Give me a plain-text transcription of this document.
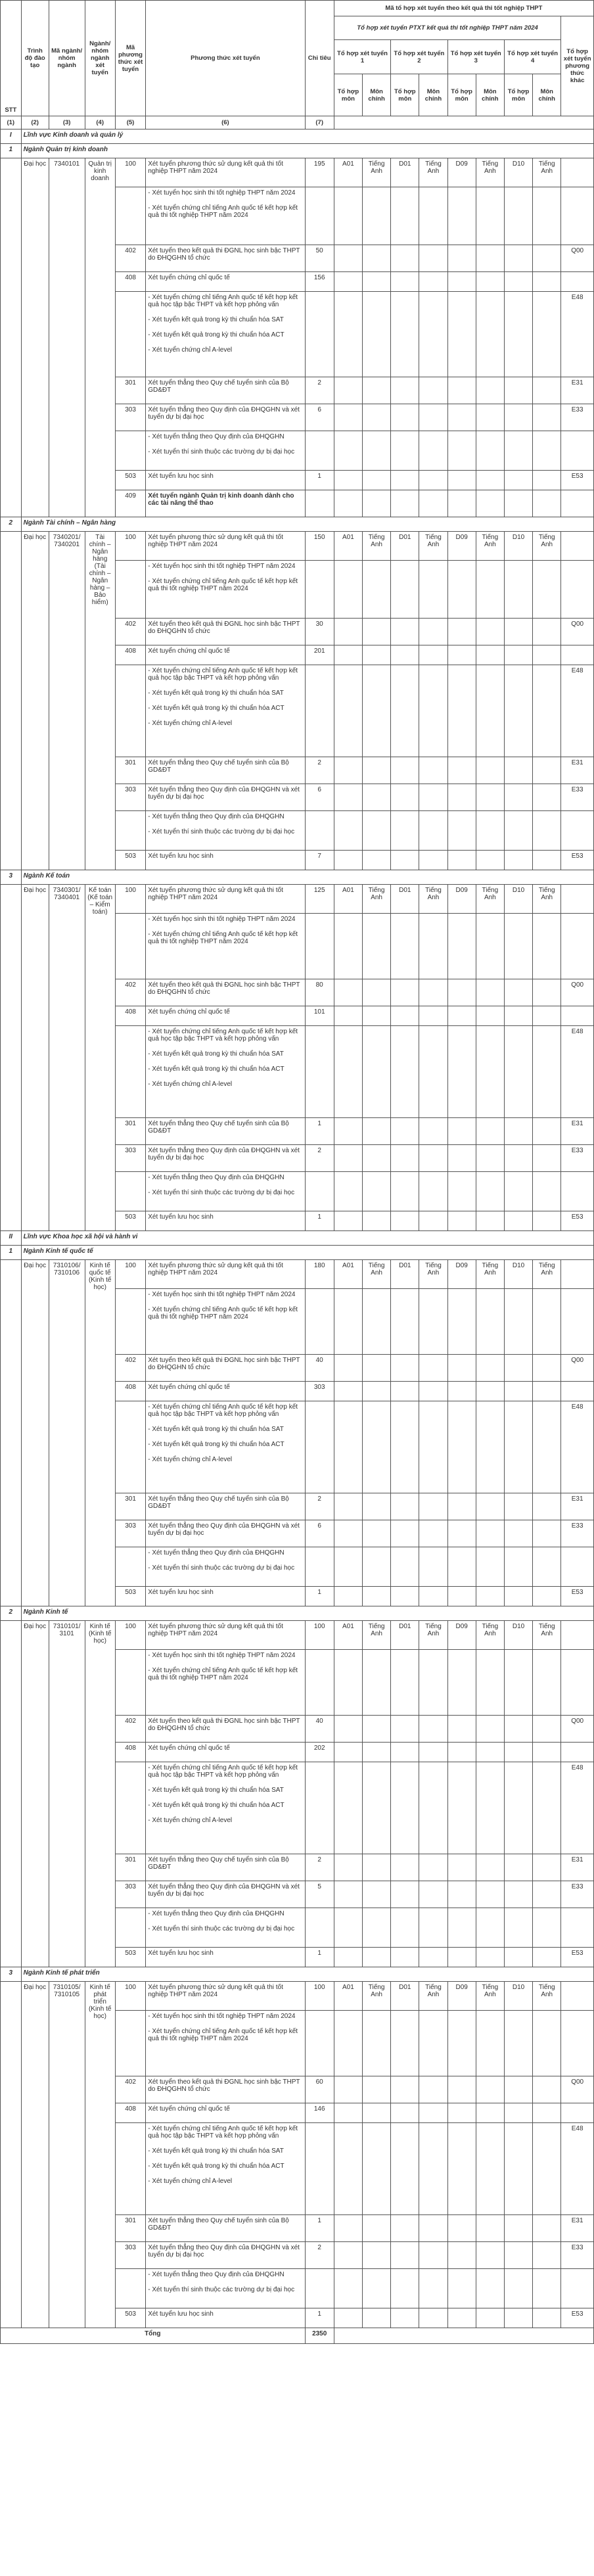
STT	Trình độ đào tạo	Mã ngành/ nhóm ngành	Ngành/ nhóm ngành xét tuyển	Mã phương thức xét tuyển	Phương thức xét tuyển	Chỉ tiêu	Mã tổ hợp xét tuyển theo kết quả thi tốt nghiệp THPT								
							Tổ hợp xét tuyển PTXT kết quả thi tốt nghiệp THPT năm 2024								Tổ hợp xét tuyển phương thức khác
							Tổ hợp xét tuyển 1		Tổ hợp xét tuyển 2		Tổ hợp xét tuyển 3		Tổ hợp xét tuyển 4		
							Tổ hợp môn	Môn chính	Tổ hợp môn	Môn chính	Tổ hợp môn	Môn chính	Tổ hợp môn	Môn chính	

(1)	(2)	(3)	(4)	(5)	(6)	(7)									
I	Lĩnh vực Kinh doanh và quản lý														
1	Ngành Quản trị kinh doanh														
	Đại học	7340101	Quản trị kinh doanh	100	Xét tuyển phương thức sử dụng kết quả thi tốt nghiệp THPT năm 2024	195	A01	Tiếng Anh	D01	Tiếng Anh	D09	Tiếng Anh	D10	Tiếng Anh	

					- Xét tuyển học sinh thi tốt nghiệp THPT năm 2024
- Xét tuyển chứng chỉ tiếng Anh quốc tế kết hợp kết quả thi tốt nghiệp THPT năm 2024										

				402	Xét tuyển theo kết quả thi ĐGNL học sinh bậc THPT do ĐHQGHN tổ chức	50									Q00
				408	Xét tuyển chứng chỉ quốc tế	156									

					- Xét tuyển chứng chỉ tiếng Anh quốc tế kết hợp kết quả học tập bậc THPT và kết hợp phỏng vấn
- Xét tuyển kết quả trong kỳ thi chuẩn hóa SAT
- Xét tuyển kết quả trong kỳ thi chuẩn hóa ACT
- Xét tuyển chứng chỉ A-level										E48
				301	Xét tuyển thẳng theo Quy chế tuyển sinh của Bộ GD&ĐT	2									E31
				303	Xét tuyển thẳng theo Quy định của ĐHQGHN và xét tuyển dự bị đại học	6									E33

					- Xét tuyển thẳng theo Quy định của ĐHQGHN
- Xét tuyển thí sinh thuộc các trường dự bị đại học										

				503	Xét tuyển lưu học sinh	1									E53
				409	Xét tuyển ngành Quản trị kinh doanh dành cho các tài năng thể thao										

2	Ngành Tài chính – Ngân hàng														
	Đại học	7340201/ 7340201	Tài chính – Ngân hàng (Tài chính – Ngân hàng – Bảo hiểm)	100	Xét tuyển phương thức sử dụng kết quả thi tốt nghiệp THPT năm 2024	150	A01	Tiếng Anh	D01	Tiếng Anh	D09	Tiếng Anh	D10	Tiếng Anh	

					- Xét tuyển học sinh thi tốt nghiệp THPT năm 2024
- Xét tuyển chứng chỉ tiếng Anh quốc tế kết hợp kết quả thi tốt nghiệp THPT năm 2024										

				402	Xét tuyển theo kết quả thi ĐGNL học sinh bậc THPT do ĐHQGHN tổ chức	30									Q00
				408	Xét tuyển chứng chỉ quốc tế	201									

					- Xét tuyển chứng chỉ tiếng Anh quốc tế kết hợp kết quả học tập bậc THPT và kết hợp phỏng vấn
- Xét tuyển kết quả trong kỳ thi chuẩn hóa SAT
- Xét tuyển kết quả trong kỳ thi chuẩn hóa ACT
- Xét tuyển chứng chỉ A-level										E48
				301	Xét tuyển thẳng theo Quy chế tuyển sinh của Bộ GD&ĐT	2									E31
				303	Xét tuyển thẳng theo Quy định của ĐHQGHN và xét tuyển dự bị đại học	6									E33

					- Xét tuyển thẳng theo Quy định của ĐHQGHN
- Xét tuyển thí sinh thuộc các trường dự bị đại học										

				503	Xét tuyển lưu học sinh	7									E53
3	Ngành Kế toán														
	Đại học	7340301/ 7340401	Kế toán (Kế toán – Kiểm toán)	100	Xét tuyển phương thức sử dụng kết quả thi tốt nghiệp THPT năm 2024	125	A01	Tiếng Anh	D01	Tiếng Anh	D09	Tiếng Anh	D10	Tiếng Anh	

					- Xét tuyển học sinh thi tốt nghiệp THPT năm 2024
- Xét tuyển chứng chỉ tiếng Anh quốc tế kết hợp kết quả thi tốt nghiệp THPT năm 2024										

				402	Xét tuyển theo kết quả thi ĐGNL học sinh bậc THPT do ĐHQGHN tổ chức	80									Q00
				408	Xét tuyển chứng chỉ quốc tế	101									

					- Xét tuyển chứng chỉ tiếng Anh quốc tế kết hợp kết quả học tập bậc THPT và kết hợp phỏng vấn
- Xét tuyển kết quả trong kỳ thi chuẩn hóa SAT
- Xét tuyển kết quả trong kỳ thi chuẩn hóa ACT
- Xét tuyển chứng chỉ A-level										E48
				301	Xét tuyển thẳng theo Quy chế tuyển sinh của Bộ GD&ĐT	1									E31
				303	Xét tuyển thẳng theo Quy định của ĐHQGHN và xét tuyển dự bị đại học	2									E33

					- Xét tuyển thẳng theo Quy định của ĐHQGHN
- Xét tuyển thí sinh thuộc các trường dự bị đại học										

				503	Xét tuyển lưu học sinh	1									E53
II	Lĩnh vực Khoa học xã hội và hành vi														
1	Ngành Kinh tế quốc tế														
	Đại học	7310106/ 7310106	Kinh tế quốc tế (Kinh tế học)	100	Xét tuyển phương thức sử dụng kết quả thi tốt nghiệp THPT năm 2024	180	A01	Tiếng Anh	D01	Tiếng Anh	D09	Tiếng Anh	D10	Tiếng Anh	

					- Xét tuyển học sinh thi tốt nghiệp THPT năm 2024
- Xét tuyển chứng chỉ tiếng Anh quốc tế kết hợp kết quả thi tốt nghiệp THPT năm 2024										

				402	Xét tuyển theo kết quả thi ĐGNL học sinh bậc THPT do ĐHQGHN tổ chức	40									Q00
				408	Xét tuyển chứng chỉ quốc tế	303									

					- Xét tuyển chứng chỉ tiếng Anh quốc tế kết hợp kết quả học tập bậc THPT và kết hợp phỏng vấn
- Xét tuyển kết quả trong kỳ thi chuẩn hóa SAT
- Xét tuyển kết quả trong kỳ thi chuẩn hóa ACT
- Xét tuyển chứng chỉ A-level										E48
				301	Xét tuyển thẳng theo Quy chế tuyển sinh của Bộ GD&ĐT	2									E31
				303	Xét tuyển thẳng theo Quy định của ĐHQGHN và xét tuyển dự bị đại học	6									E33

					- Xét tuyển thẳng theo Quy định của ĐHQGHN
- Xét tuyển thí sinh thuộc các trường dự bị đại học										

				503	Xét tuyển lưu học sinh	1									E53
2	Ngành Kinh tế														
	Đại học	7310101/ 3101	Kinh tế (Kinh tế học)	100	Xét tuyển phương thức sử dụng kết quả thi tốt nghiệp THPT năm 2024	100	A01	Tiếng Anh	D01	Tiếng Anh	D09	Tiếng Anh	D10	Tiếng Anh	

					- Xét tuyển học sinh thi tốt nghiệp THPT năm 2024
- Xét tuyển chứng chỉ tiếng Anh quốc tế kết hợp kết quả thi tốt nghiệp THPT năm 2024										

				402	Xét tuyển theo kết quả thi ĐGNL học sinh bậc THPT do ĐHQGHN tổ chức	40									Q00
				408	Xét tuyển chứng chỉ quốc tế	202									

					- Xét tuyển chứng chỉ tiếng Anh quốc tế kết hợp kết quả học tập bậc THPT và kết hợp phỏng vấn
- Xét tuyển kết quả trong kỳ thi chuẩn hóa SAT
- Xét tuyển kết quả trong kỳ thi chuẩn hóa ACT
- Xét tuyển chứng chỉ A-level										E48
				301	Xét tuyển thẳng theo Quy chế tuyển sinh của Bộ GD&ĐT	2									E31
				303	Xét tuyển thẳng theo Quy định của ĐHQGHN và xét tuyển dự bị đại học	5									E33

					- Xét tuyển thẳng theo Quy định của ĐHQGHN
- Xét tuyển thí sinh thuộc các trường dự bị đại học										

				503	Xét tuyển lưu học sinh	1									E53
3	Ngành Kinh tế phát triển														
	Đại học	7310105/ 7310105	Kinh tế phát triển (Kinh tế học)	100	Xét tuyển phương thức sử dụng kết quả thi tốt nghiệp THPT năm 2024	100	A01	Tiếng Anh	D01	Tiếng Anh	D09	Tiếng Anh	D10	Tiếng Anh	

					- Xét tuyển học sinh thi tốt nghiệp THPT năm 2024
- Xét tuyển chứng chỉ tiếng Anh quốc tế kết hợp kết quả thi tốt nghiệp THPT năm 2024										

				402	Xét tuyển theo kết quả thi ĐGNL học sinh bậc THPT do ĐHQGHN tổ chức	60									Q00
				408	Xét tuyển chứng chỉ quốc tế	146									

					- Xét tuyển chứng chỉ tiếng Anh quốc tế kết hợp kết quả học tập bậc THPT và kết hợp phỏng vấn
- Xét tuyển kết quả trong kỳ thi chuẩn hóa SAT
- Xét tuyển kết quả trong kỳ thi chuẩn hóa ACT
- Xét tuyển chứng chỉ A-level										E48
				301	Xét tuyển thẳng theo Quy chế tuyển sinh của Bộ GD&ĐT	1									E31
				303	Xét tuyển thẳng theo Quy định của ĐHQGHN và xét tuyển dự bị đại học	2									E33

					- Xét tuyển thẳng theo Quy định của ĐHQGHN
- Xét tuyển thí sinh thuộc các trường dự bị đại học										

				503	Xét tuyển lưu học sinh	1									E53
Tổng						2350									
